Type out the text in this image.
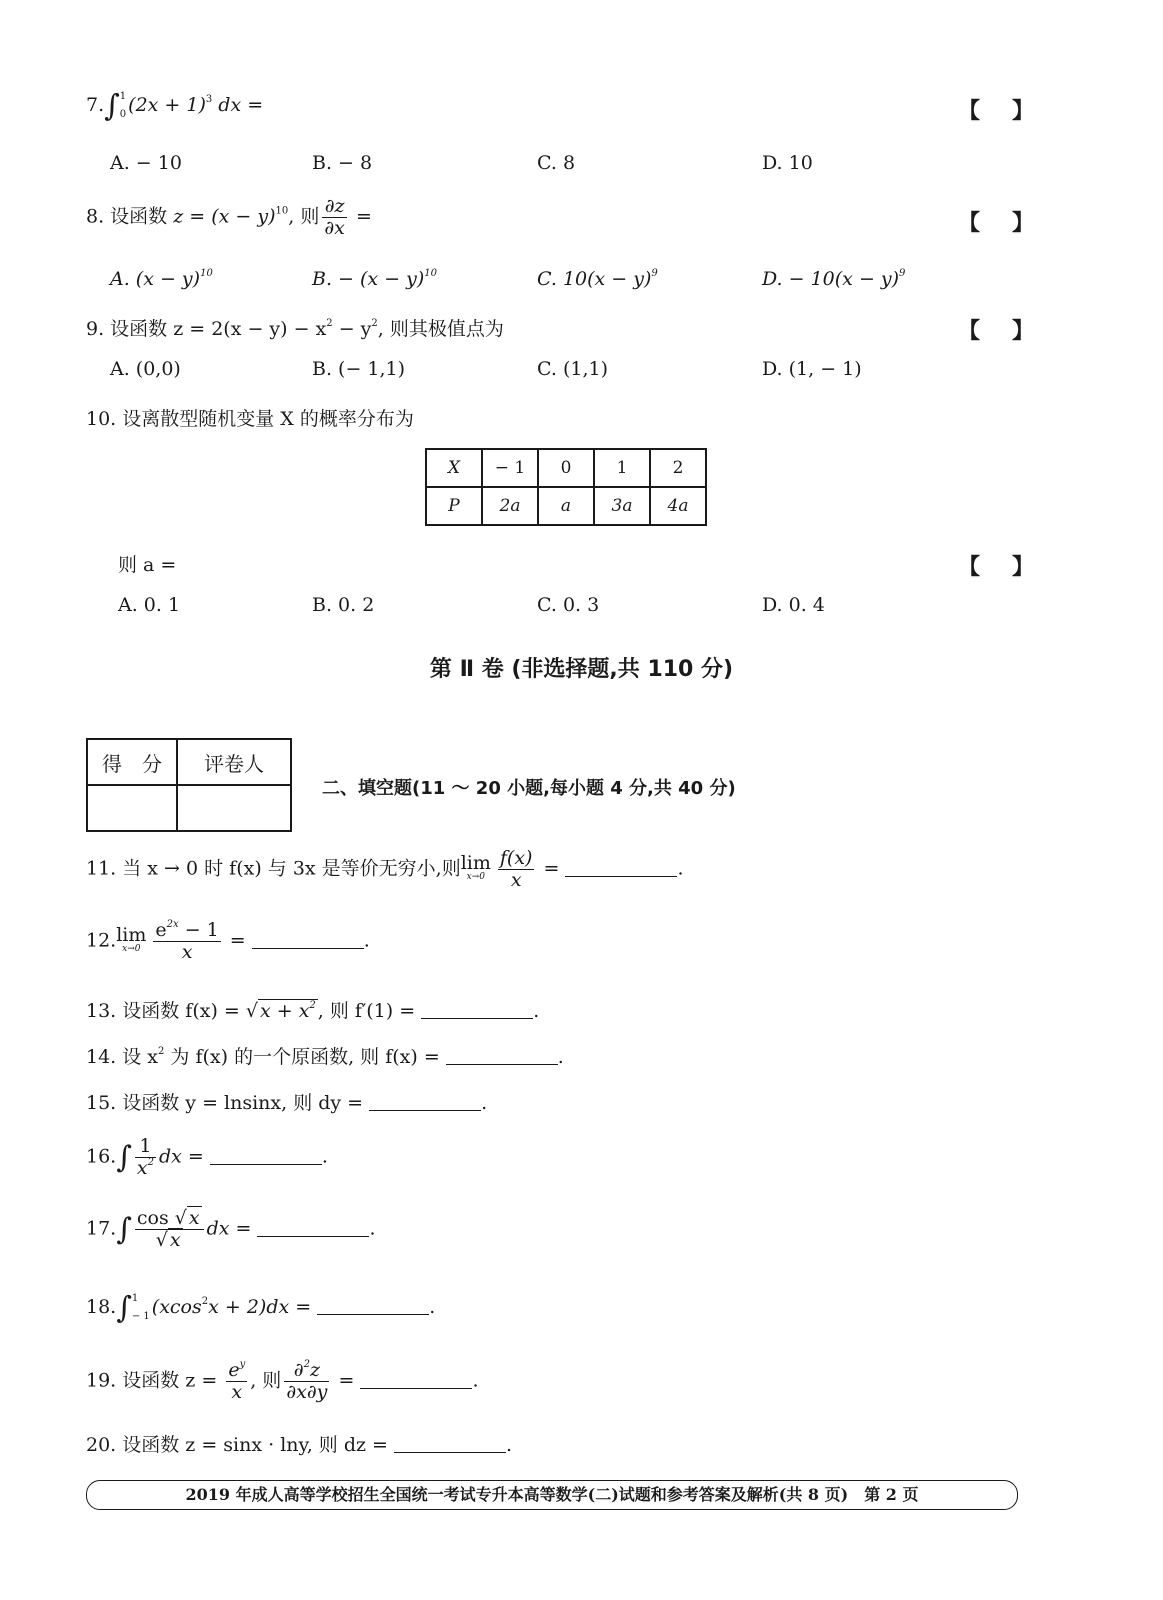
7.∫ 1
0 $(2x + 1)^3$ dx =	【 】
A. − 10	B. − 8	C. 8	D. 10
8. 设函数 $z = (x - y)^{10}$, 则 $\frac{\partial z}{\partial x}$ =	【 】
A. $(x - y)^{10}$	B. − $(x - y)^{10}$	C. $10(x - y)^9$	D. − $10(x - y)^9$
9. 设函数 $z = 2(x - y) - x^2 - y^2$, 则其极值点为	【 】
A. (0,0)	B. (− 1,1)	C. (1,1)	D. (1, − 1)
10. 设离散型随机变量 X 的概率分布为
X	− 1	0	1	2
P	2a	a	3a	4a
则 a =	【 】
A. 0. 1	B. 0. 2	C. 0. 3	D. 0. 4
第 Ⅱ 卷 (非选择题,共 110 分)
得　分	评卷人

二、填空题(11 ～ 20 小题,每小题 4 分,共 40 分)
11. 当 x → 0 时 f(x) 与 3x 是等价无穷小,则lim
$x\to 0 \frac{f(x)}{x}$ =	.
12.lim
$x\to 0 \frac{e^{2x} - 1}{x}$ =	.
13. 设函数 f(x) = √ $x + x^2$ , 则 f′(1) =	.
14. 设 $x^2$ 为 f(x) 的一个原函数, 则 f(x) =	.
15. 设函数 y = lnsinx, 则 dy =	.
$16.\int \frac{1}{x^2}$ dx =	.
$17.\int \frac{\cos √ x}{√ x}$ dx =	.
18.∫ 1
− 1 (xcos$^2$x + 2)dx =	.
19. 设函数 $z = \frac{e^y}{x}$ , 则 $\frac{\partial^2z}{\partial x\partial y}$ =	.
20. 设函数 z = sinx · lny, 则 dz =	.
2019 年成人高等学校招生全国统一考试专升本高等数学(二)试题和参考答案及解析(共 8 页)　第 2 页
